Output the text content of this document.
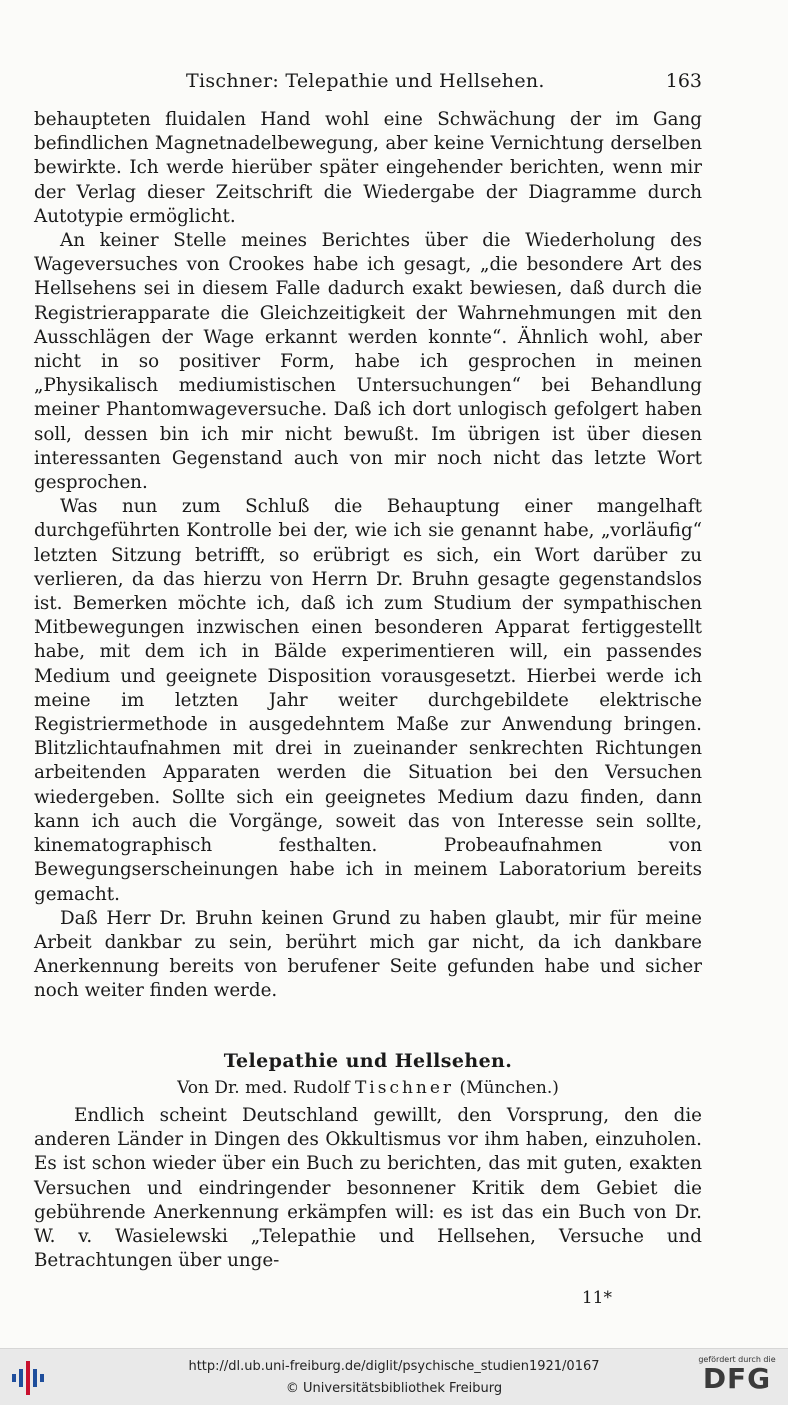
Tischner: Telepathie und Hellsehen.	163

behaupteten fluidalen Hand wohl eine Schwächung der im Gang befindlichen Magnetnadelbewegung, aber keine Vernichtung derselben bewirkte. Ich werde hierüber später eingehender berichten, wenn mir der Verlag dieser Zeitschrift die Wiedergabe der Diagramme durch Autotypie ermöglicht.

An keiner Stelle meines Berichtes über die Wiederholung des Wageversuches von Crookes habe ich gesagt, „die besondere Art des Hellsehens sei in diesem Falle dadurch exakt bewiesen, daß durch die Registrierapparate die Gleichzeitigkeit der Wahrnehmungen mit den Ausschlägen der Wage erkannt werden konnte“. Ähnlich wohl, aber nicht in so positiver Form, habe ich gesprochen in meinen „Physikalisch mediumistischen Untersuchungen“ bei Behandlung meiner Phantomwageversuche. Daß ich dort unlogisch gefolgert haben soll, dessen bin ich mir nicht bewußt. Im übrigen ist über diesen interessanten Gegenstand auch von mir noch nicht das letzte Wort gesprochen.

Was nun zum Schluß die Behauptung einer mangelhaft durchgeführten Kontrolle bei der, wie ich sie genannt habe, „vorläufig“ letzten Sitzung betrifft, so erübrigt es sich, ein Wort darüber zu verlieren, da das hierzu von Herrn Dr. Bruhn gesagte gegenstandslos ist. Bemerken möchte ich, daß ich zum Studium der sympathischen Mitbewegungen inzwischen einen besonderen Apparat fertiggestellt habe, mit dem ich in Bälde experimentieren will, ein passendes Medium und geeignete Disposition vorausgesetzt. Hierbei werde ich meine im letzten Jahr weiter durchgebildete elektrische Registriermethode in ausgedehntem Maße zur Anwendung bringen. Blitzlichtaufnahmen mit drei in zueinander senkrechten Richtungen arbeitenden Apparaten werden die Situation bei den Versuchen wiedergeben. Sollte sich ein geeignetes Medium dazu finden, dann kann ich auch die Vorgänge, soweit das von Interesse sein sollte, kinematographisch festhalten. Probeaufnahmen von Bewegungserscheinungen habe ich in meinem Laboratorium bereits gemacht.

Daß Herr Dr. Bruhn keinen Grund zu haben glaubt, mir für meine Arbeit dankbar zu sein, berührt mich gar nicht, da ich dankbare Anerkennung bereits von berufener Seite gefunden habe und sicher noch weiter finden werde.

Telepathie und Hellsehen.
Von Dr. med. Rudolf Tischner (München.)

Endlich scheint Deutschland gewillt, den Vorsprung, den die anderen Länder in Dingen des Okkultismus vor ihm haben, einzuholen. Es ist schon wieder über ein Buch zu berichten, das mit guten, exakten Versuchen und eindringender besonnener Kritik dem Gebiet die gebührende Anerkennung erkämpfen will: es ist das ein Buch von Dr. W. v. Wasielewski „Telepathie und Hellsehen, Versuche und Betrachtungen über unge-

11*
http://dl.ub.uni-freiburg.de/diglit/psychische_studien1921/0167
© Universitätsbibliothek Freiburg
gefördert durch die
DFG
